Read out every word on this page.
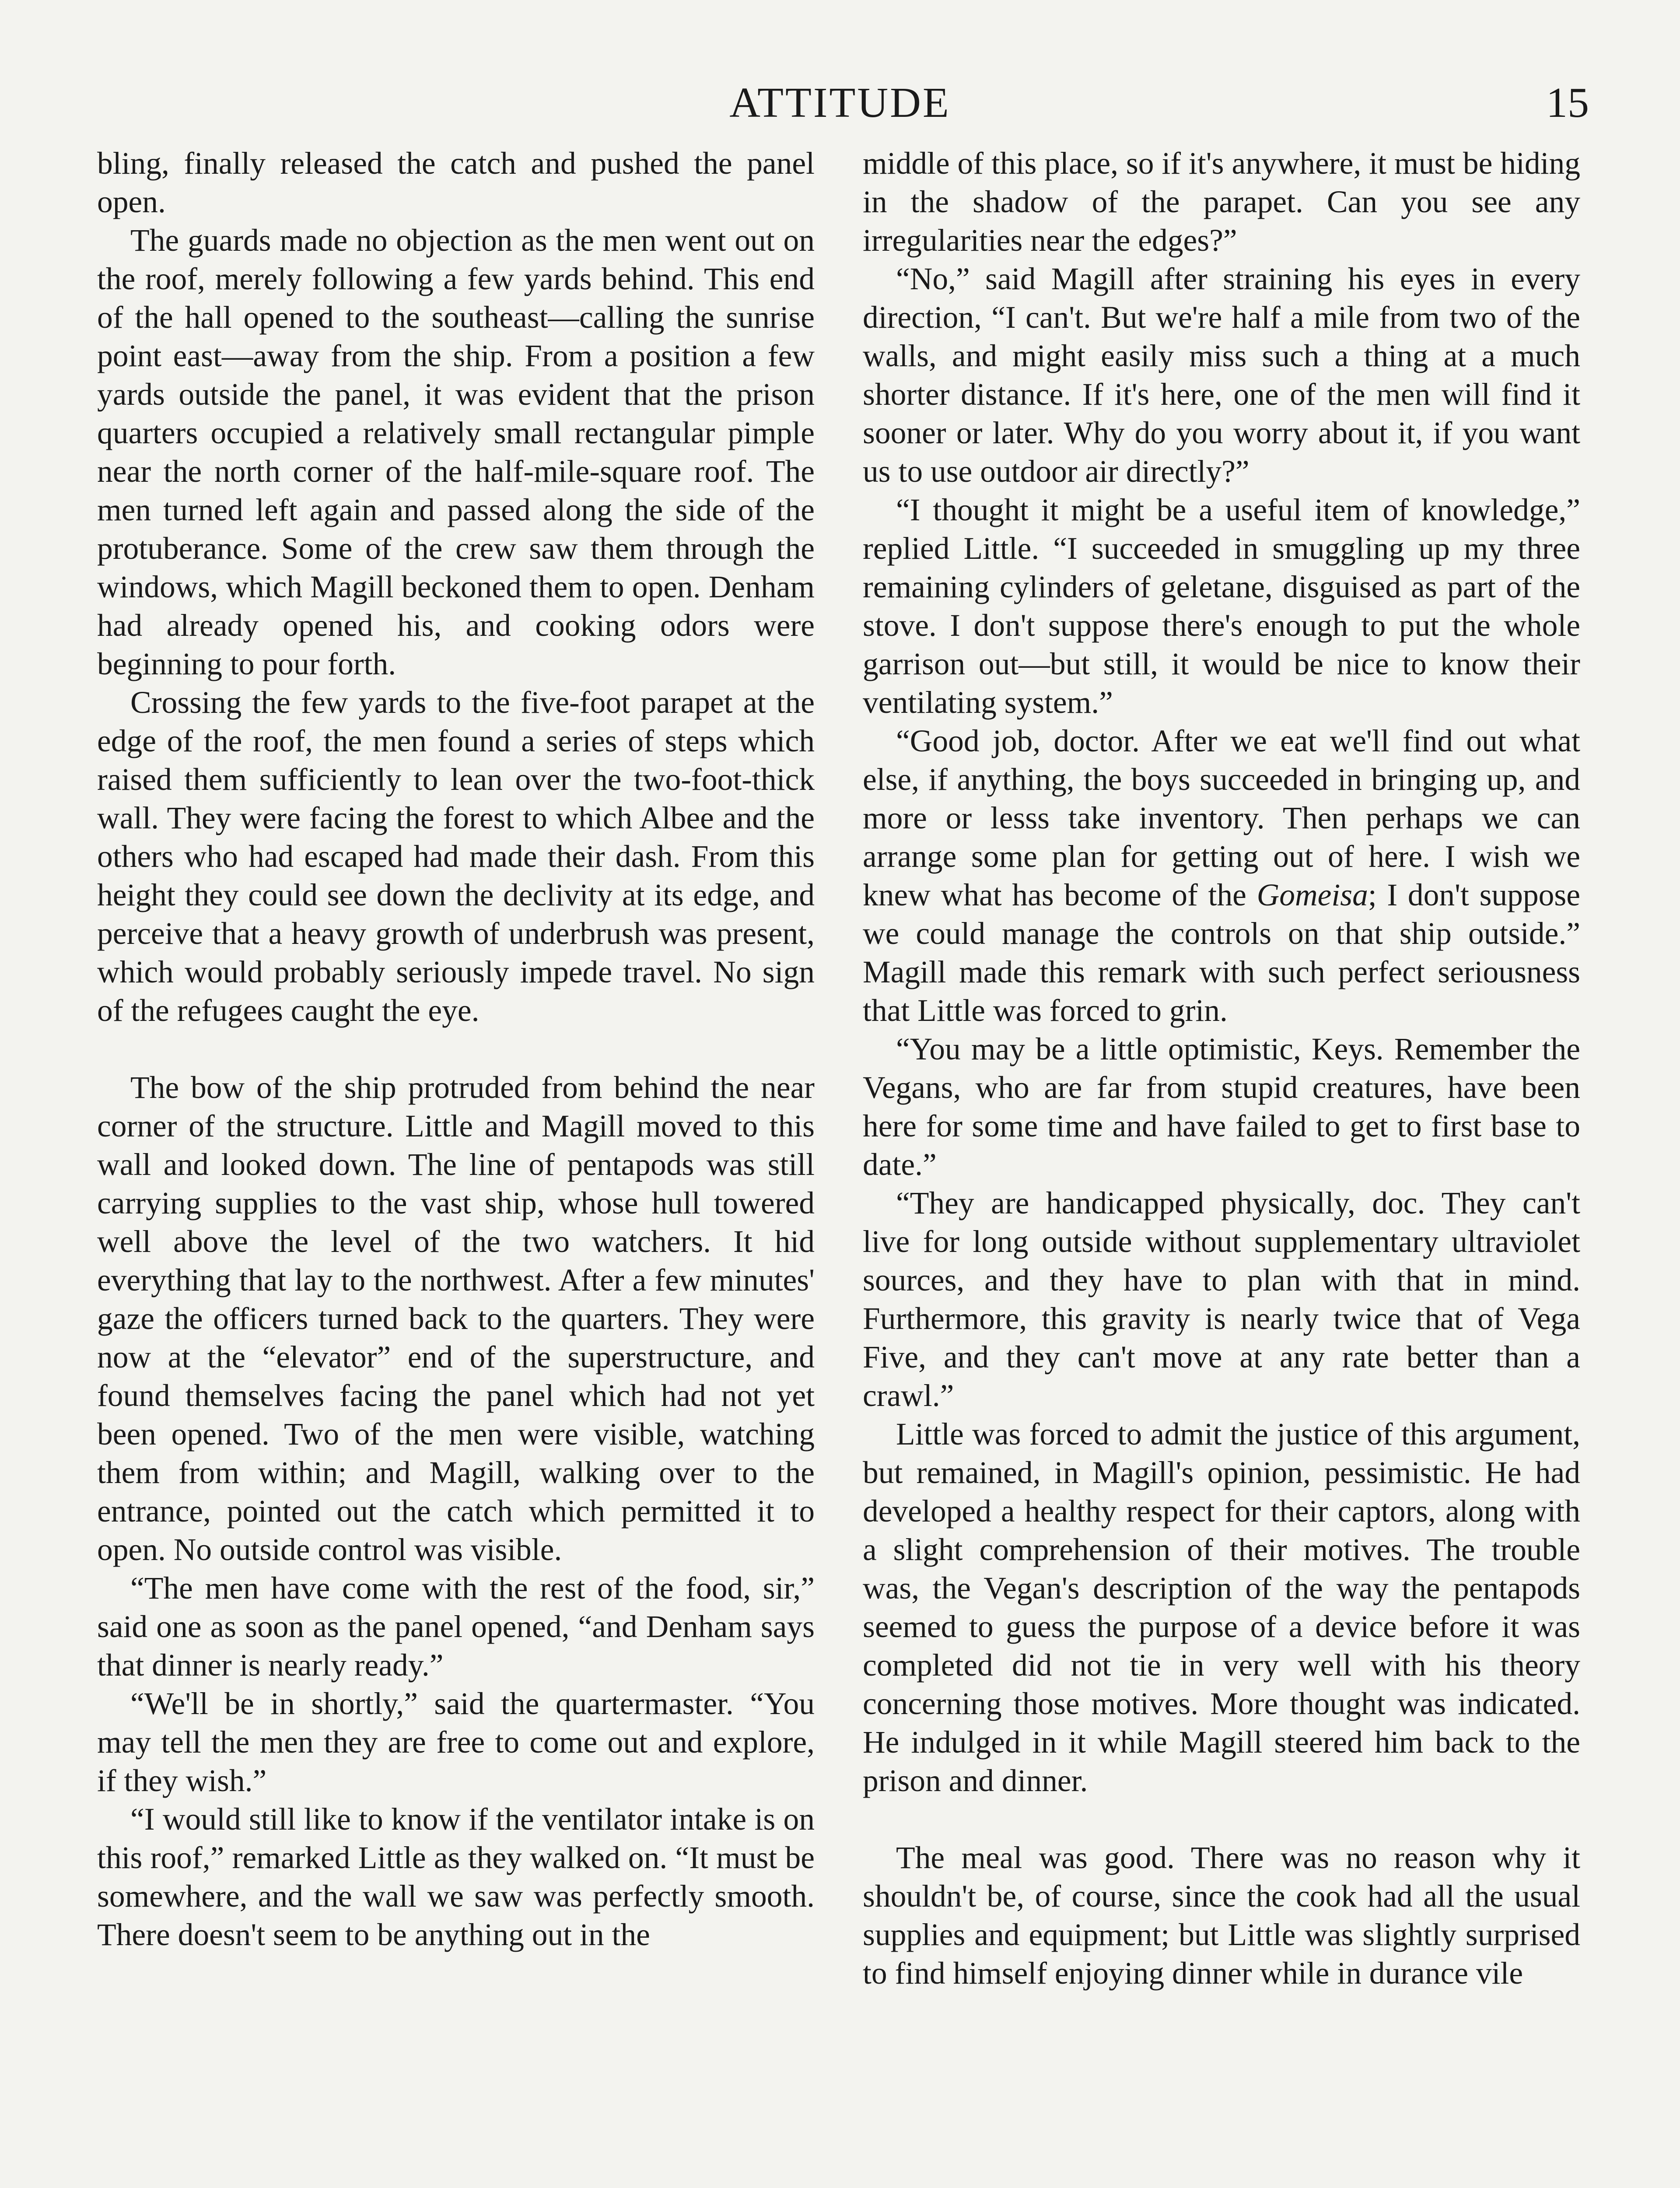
ATTITUDE	15

bling, finally released the catch and pushed the panel open.

The guards made no objection as the men went out on the roof, merely following a few yards behind. This end of the hall opened to the southeast—calling the sunrise point east—away from the ship. From a position a few yards outside the panel, it was evident that the prison quarters occupied a relatively small rectangular pimple near the north corner of the half-mile-square roof. The men turned left again and passed along the side of the protuberance. Some of the crew saw them through the windows, which Magill beckoned them to open. Denham had already opened his, and cooking odors were beginning to pour forth.

Crossing the few yards to the five-foot parapet at the edge of the roof, the men found a series of steps which raised them sufficiently to lean over the two-foot-thick wall. They were facing the forest to which Albee and the others who had escaped had made their dash. From this height they could see down the declivity at its edge, and perceive that a heavy growth of underbrush was present, which would probably seriously impede travel. No sign of the refugees caught the eye.

The bow of the ship protruded from behind the near corner of the structure. Little and Magill moved to this wall and looked down. The line of pentapods was still carrying supplies to the vast ship, whose hull towered well above the level of the two watchers. It hid everything that lay to the northwest. After a few minutes' gaze the officers turned back to the quarters. They were now at the “elevator” end of the superstructure, and found themselves facing the panel which had not yet been opened. Two of the men were visible, watching them from within; and Magill, walking over to the entrance, pointed out the catch which permitted it to open. No outside control was visible.

“The men have come with the rest of the food, sir,” said one as soon as the panel opened, “and Denham says that dinner is nearly ready.”

“We'll be in shortly,” said the quartermaster. “You may tell the men they are free to come out and explore, if they wish.”

“I would still like to know if the ventilator intake is on this roof,” remarked Little as they walked on. “It must be somewhere, and the wall we saw was perfectly smooth. There doesn't seem to be anything out in the

middle of this place, so if it's anywhere, it must be hiding in the shadow of the parapet. Can you see any irregularities near the edges?”

“No,” said Magill after straining his eyes in every direction, “I can't. But we're half a mile from two of the walls, and might easily miss such a thing at a much shorter distance. If it's here, one of the men will find it sooner or later. Why do you worry about it, if you want us to use outdoor air directly?”

“I thought it might be a useful item of knowledge,” replied Little. “I succeeded in smuggling up my three remaining cylinders of geletane, disguised as part of the stove. I don't suppose there's enough to put the whole garrison out—but still, it would be nice to know their ventilating system.”

“Good job, doctor. After we eat we'll find out what else, if anything, the boys succeeded in bringing up, and more or lesss take inventory. Then perhaps we can arrange some plan for getting out of here. I wish we knew what has become of the Gomeisa; I don't suppose we could manage the controls on that ship outside.” Magill made this remark with such perfect seriousness that Little was forced to grin.

“You may be a little optimistic, Keys. Remember the Vegans, who are far from stupid creatures, have been here for some time and have failed to get to first base to date.”

“They are handicapped physically, doc. They can't live for long outside without supplementary ultraviolet sources, and they have to plan with that in mind. Furthermore, this gravity is nearly twice that of Vega Five, and they can't move at any rate better than a crawl.”

Little was forced to admit the justice of this argument, but remained, in Magill's opinion, pessimistic. He had developed a healthy respect for their captors, along with a slight comprehension of their motives. The trouble was, the Vegan's description of the way the pentapods seemed to guess the purpose of a device before it was completed did not tie in very well with his theory concerning those motives. More thought was indicated. He indulged in it while Magill steered him back to the prison and dinner.

The meal was good. There was no reason why it shouldn't be, of course, since the cook had all the usual supplies and equipment; but Little was slightly surprised to find himself enjoying dinner while in durance vile
